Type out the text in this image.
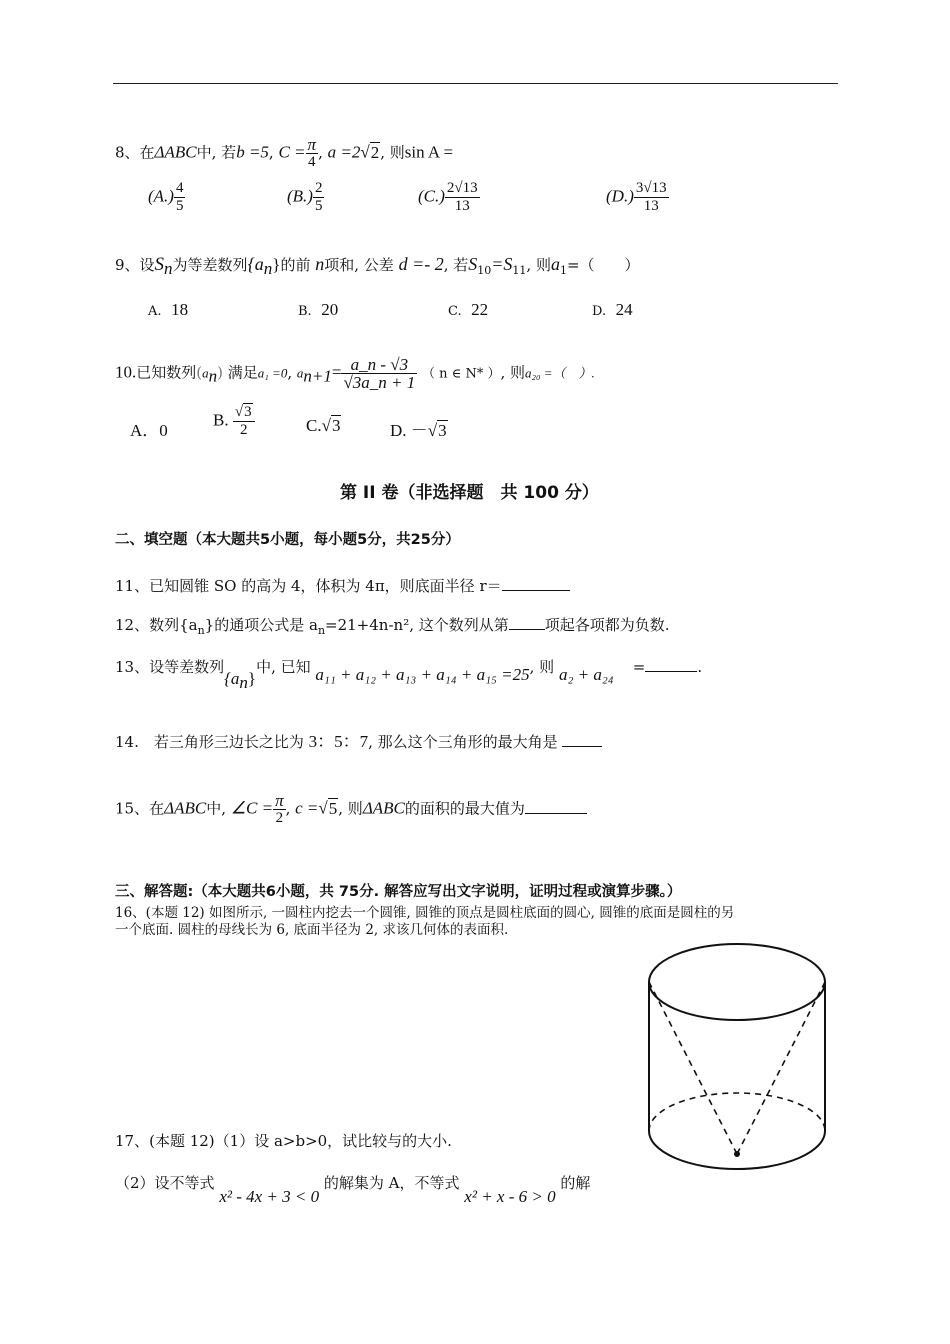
8、在ΔABC中, 若b =5, $C = \frac{\pi}{4}$ , a =2√2, 则sin A =
$(A.) \frac{4}{5}$	$(B.) \frac{2}{5}$	$(C.) \frac{2√13}{13}$	$(D.) \frac{3√13}{13}$
9、设$S_n$为等差数列$\{a_n\}$的前 n项和, 公差 d =- 2, 若$S_{10}=S_{11}$, 则$a_1=$（　　）
A. 18	B. 20	C. 22	D. 24
10.已知数列$(a_n)$ 满足a₁ =0, $a_{n+1}= \frac{a\_n - √3}{√3a\_n + 1}$ （ n ∈ N* ）, 则a₂₀ =（　）.
A．0
B. $\frac{√3}{2}$	C.√3	D. －√3
第 II 卷（非选择题　共 100 分）
二、填空题（本大题共5小题，每小题5分，共25分）
11、已知圆锥 SO 的高为 4，体积为 4π，则底面半径 r＝
12、数列$\{a_n\}$的通项公式是 $a_n=21+4n-n^2$, 这个数列从第 项起各项都为负数.
13、设等差数列$\{a_n\}$中, 已知 a₁₁ + a₁₂ + a₁₃ + a₁₄ + a₁₅ =25, 则 a₂ + a₂₄ =	.
14.　若三角形三边长之比为 3：5：7, 那么这个三角形的最大角是
15、在ΔABC中, ∠C = $\frac{\pi}{2}$ , c =√5, 则ΔABC的面积的最大值为
三、解答题:（本大题共6小题，共 75分. 解答应写出文字说明，证明过程或演算步骤。）
16、(本题 12) 如图所示, 一圆柱内挖去一个圆锥, 圆锥的顶点是圆柱底面的圆心, 圆锥的底面是圆柱的另
一个底面. 圆柱的母线长为 6, 底面半径为 2, 求该几何体的表面积.
17、(本题 12)（1）设 a>b>0，试比较与的大小.
（2）设不等式 x² - 4x + 3 < 0 的解集为 A，不等式 x² + x - 6 > 0 的解
